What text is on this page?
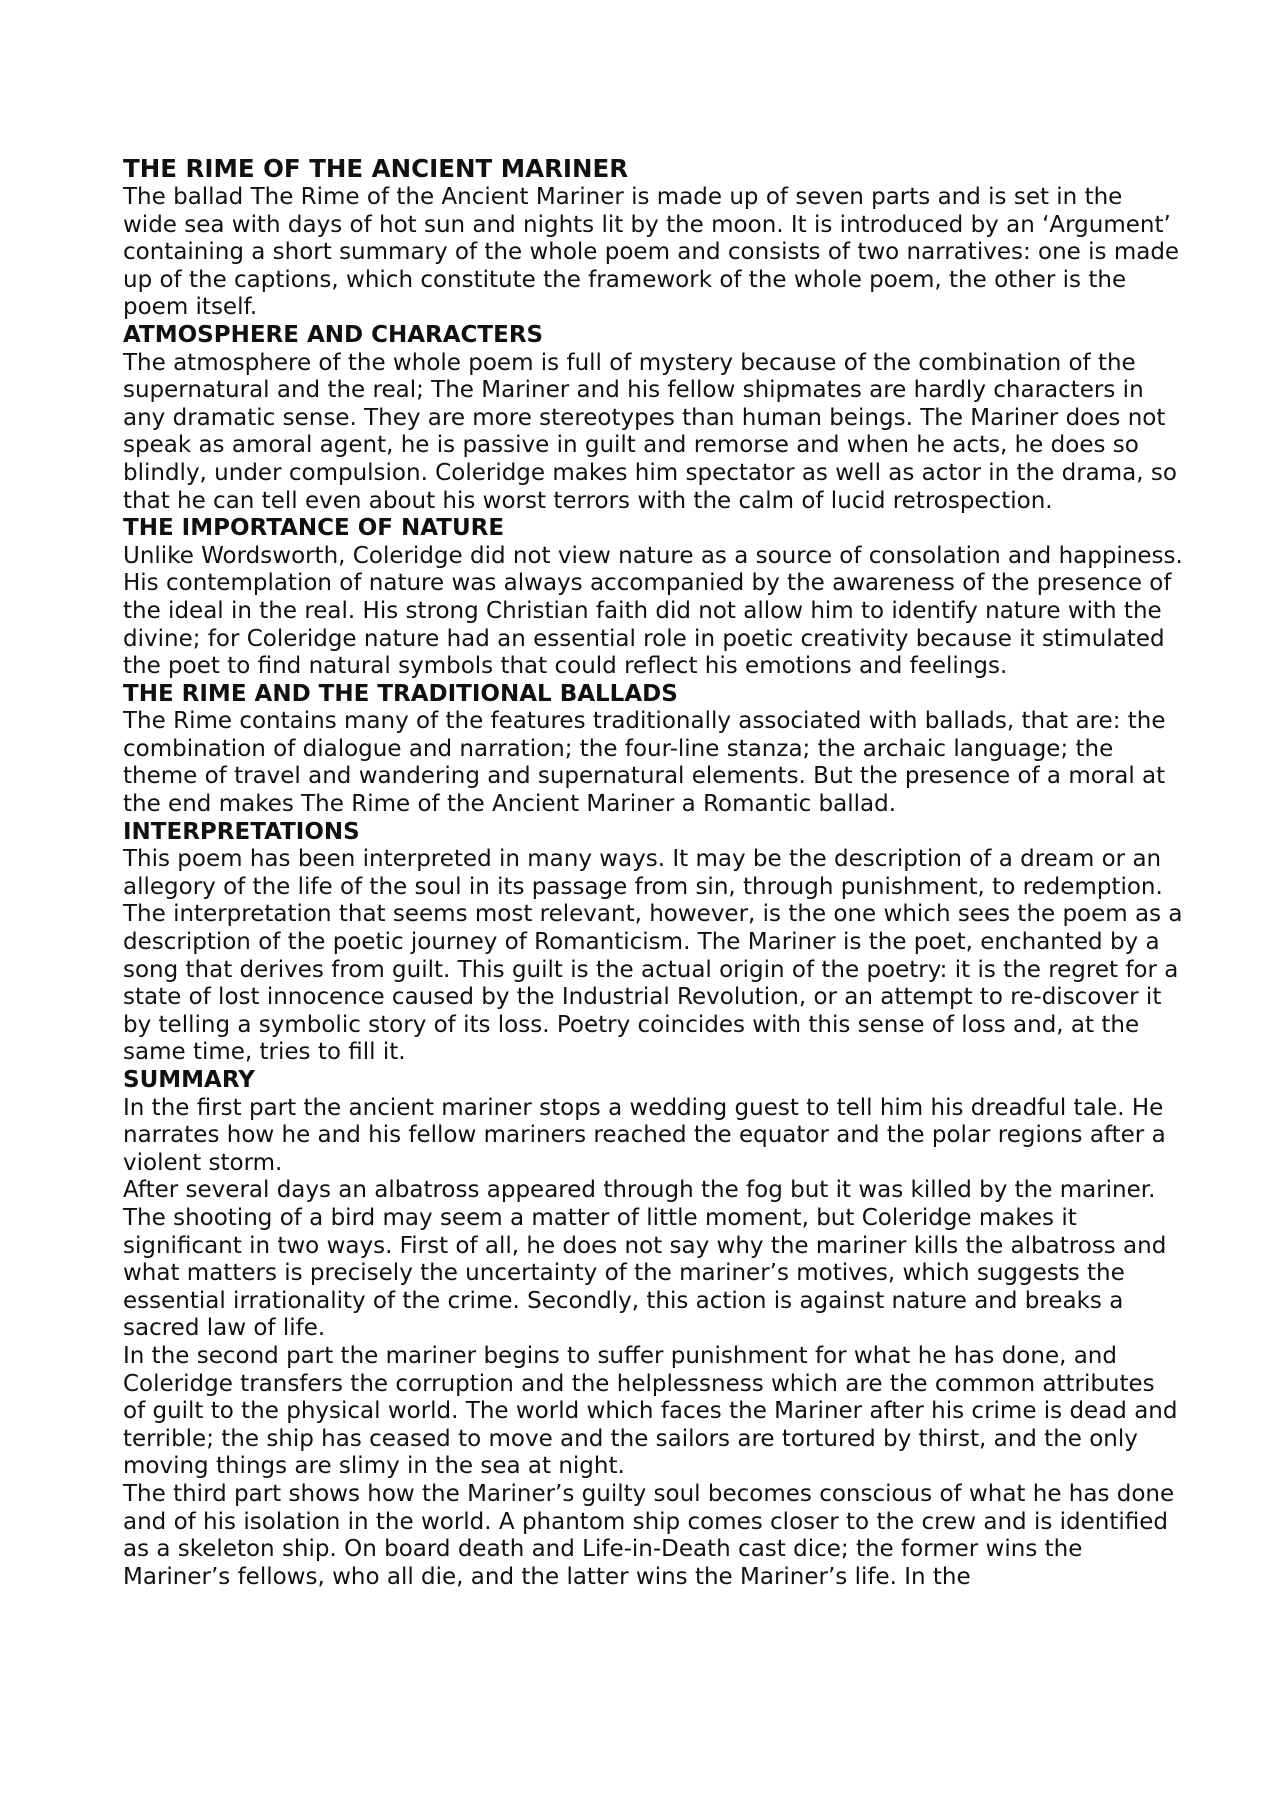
THE RIME OF THE ANCIENT MARINER

The ballad The Rime of the Ancient Mariner is made up of seven parts and is set in the wide sea with days of hot sun and nights lit by the moon. It is introduced by an ‘Argument’ containing a short summary of the whole poem and consists of two narratives: one is made up of the captions, which constitute the framework of the whole poem, the other is the poem itself.

ATMOSPHERE AND CHARACTERS

The atmosphere of the whole poem is full of mystery because of the combination of the supernatural and the real; The Mariner and his fellow shipmates are hardly characters in any dramatic sense. They are more stereotypes than human beings. The Mariner does not speak as amoral agent, he is passive in guilt and remorse and when he acts, he does so blindly, under compulsion. Coleridge makes him spectator as well as actor in the drama, so that he can tell even about his worst terrors with the calm of lucid retrospection.

THE IMPORTANCE OF NATURE

Unlike Wordsworth, Coleridge did not view nature as a source of consolation and happiness. His contemplation of nature was always accompanied by the awareness of the presence of the ideal in the real. His strong Christian faith did not allow him to identify nature with the divine; for Coleridge nature had an essential role in poetic creativity because it stimulated the poet to find natural symbols that could reflect his emotions and feelings.

THE RIME AND THE TRADITIONAL BALLADS

The Rime contains many of the features traditionally associated with ballads, that are: the combination of dialogue and narration; the four-line stanza; the archaic language; the theme of travel and wandering and supernatural elements. But the presence of a moral at the end makes The Rime of the Ancient Mariner a Romantic ballad.

INTERPRETATIONS

This poem has been interpreted in many ways. It may be the description of a dream or an allegory of the life of the soul in its passage from sin, through punishment, to redemption. The interpretation that seems most relevant, however, is the one which sees the poem as a description of the poetic journey of Romanticism. The Mariner is the poet, enchanted by a song that derives from guilt. This guilt is the actual origin of the poetry: it is the regret for a state of lost innocence caused by the Industrial Revolution, or an attempt to re-discover it by telling a symbolic story of its loss. Poetry coincides with this sense of loss and, at the same time, tries to fill it.

SUMMARY

In the first part the ancient mariner stops a wedding guest to tell him his dreadful tale. He narrates how he and his fellow mariners reached the equator and the polar regions after a violent storm.

After several days an albatross appeared through the fog but it was killed by the mariner.

The shooting of a bird may seem a matter of little moment, but Coleridge makes it significant in two ways. First of all, he does not say why the mariner kills the albatross and what matters is precisely the uncertainty of the mariner’s motives, which suggests the essential irrationality of the crime. Secondly, this action is against nature and breaks a sacred law of life.

In the second part the mariner begins to suffer punishment for what he has done, and Coleridge transfers the corruption and the helplessness which are the common attributes of guilt to the physical world. The world which faces the Mariner after his crime is dead and terrible; the ship has ceased to move and the sailors are tortured by thirst, and the only moving things are slimy in the sea at night.

The third part shows how the Mariner’s guilty soul becomes conscious of what he has done and of his isolation in the world. A phantom ship comes closer to the crew and is identified as a skeleton ship. On board death and Life-in-Death cast dice; the former wins the Mariner’s fellows, who all die, and the latter wins the Mariner’s life. In the
